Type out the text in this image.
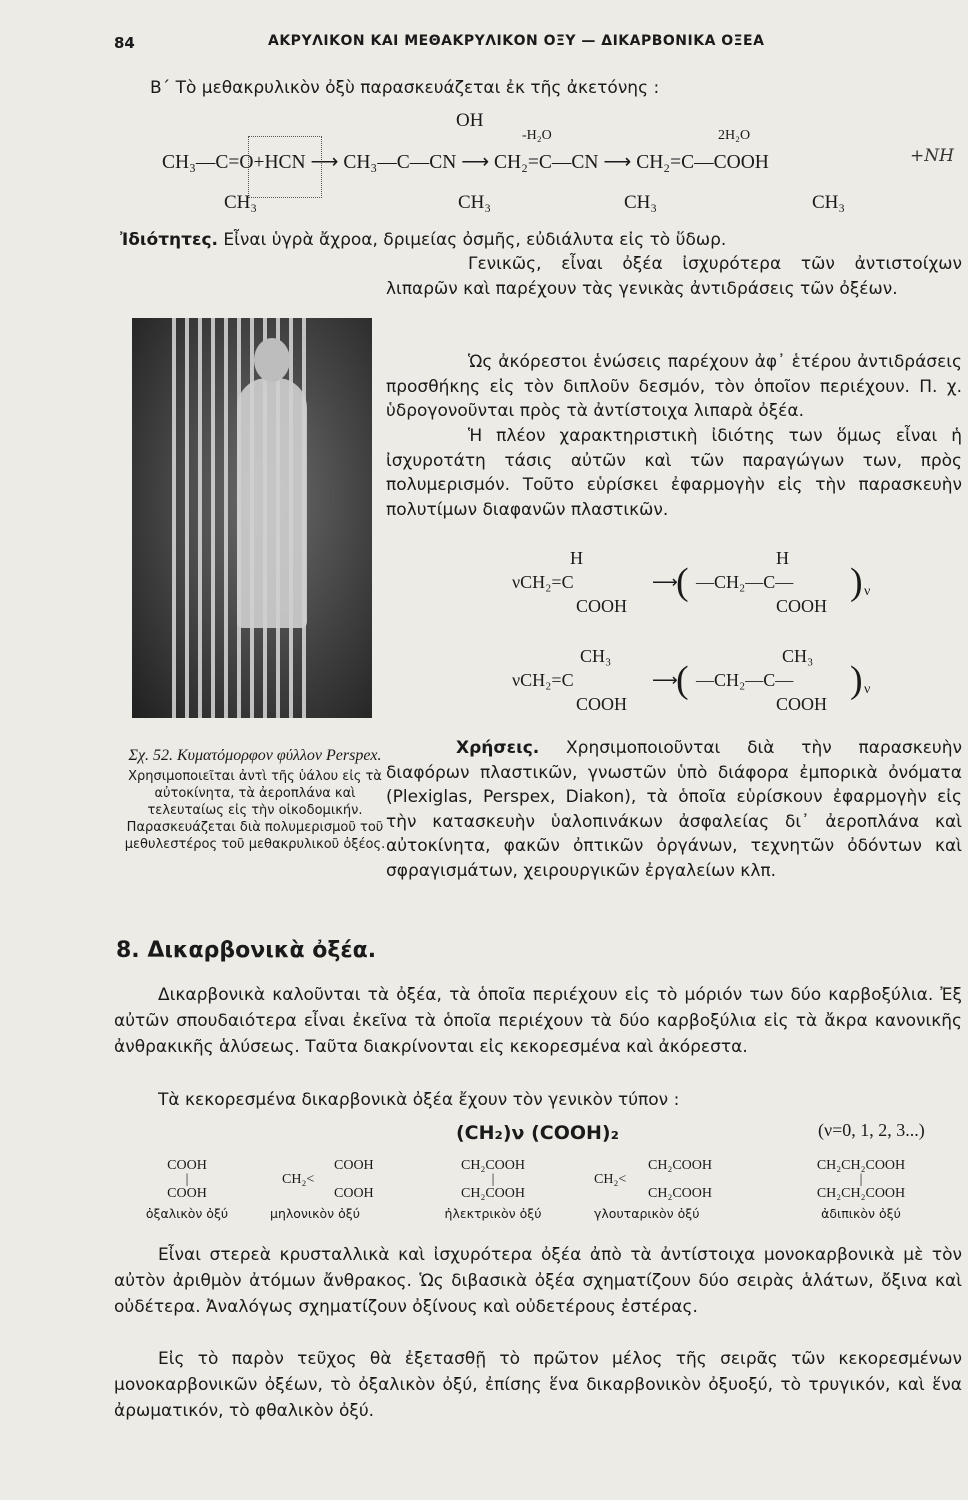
84	ΑΚΡΥΛΙΚΟΝ ΚΑΙ ΜΕΘΑΚΡΥΛΙΚΟΝ ΟΞΥ — ΔΙΚΑΡΒΟΝΙΚΑ ΟΞΕΑ
Β΄ Τὸ μεθακρυλικὸν ὀξὺ παρασκευάζεται ἐκ τῆς ἀκετόνης :
OH
-H₂O	2H₂O
CH₃—C=O+HCN ⟶ CH₃—C—CN ⟶ CH₂=C—CN ⟶ CH₂=C—COOH	+NH
CH₃	CH₃	CH₃	CH₃
Ἰδιότητες. Εἶναι ὑγρὰ ἄχροα, δριμείας ὀσμῆς, εὐδιάλυτα εἰς τὸ ὕδωρ.
Γενικῶς, εἶναι ὀξέα ἰσχυρότερα τῶν ἀντιστοίχων λιπαρῶν καὶ παρέχουν τὰς γενικὰς ἀντιδράσεις τῶν ὀξέων.
Ὡς ἀκόρεστοι ἑνώσεις παρέχουν ἀφ᾽ ἑτέρου ἀντιδράσεις προσθήκης εἰς τὸν διπλοῦν δεσμόν, τὸν ὁποῖον περιέχουν. Π. χ. ὑδρογονοῦνται πρὸς τὰ ἀντίστοιχα λιπαρὰ ὀξέα.
Ἡ πλέον χαρακτηριστικὴ ἰδιότης των ὅμως εἶναι ἡ ἰσχυροτάτη τάσις αὐτῶν καὶ τῶν παραγώγων των, πρὸς πολυμερισμόν. Τοῦτο εὑρίσκει ἐφαρμογὴν εἰς τὴν παρασκευὴν πολυτίμων διαφανῶν πλαστικῶν.
Σχ. 52. Κυματόμορφον φύλλον Perspex.
Χρησιμοποιεῖται ἀντὶ τῆς ὑάλου εἰς τὰ αὐτοκίνητα, τὰ ἀεροπλάνα καὶ τελευταίως εἰς τὴν οἰκοδομικήν. Παρασκευάζεται διὰ πολυμερισμοῦ τοῦ μεθυλεστέρος τοῦ μεθακρυλικοῦ ὀξέος.
H	H
νCH₂=C	⟶
( —CH₂—C— ) ν
COOH	COOH
CH₃	CH₃
νCH₂=C	⟶
( —CH₂—C— ) ν
COOH	COOH
Χρήσεις. Χρησιμοποιοῦνται διὰ τὴν παρασκευὴν διαφόρων πλαστικῶν, γνωστῶν ὑπὸ διάφορα ἐμπορικὰ ὀνόματα (Plexiglas, Perspex, Diakon), τὰ ὁποῖα εὑρίσκουν ἐφαρμογὴν εἰς τὴν κατασκευὴν ὑαλοπινάκων ἀσφαλείας δι᾽ ἀεροπλάνα καὶ αὐτοκίνητα, φακῶν ὀπτικῶν ὀργάνων, τεχνητῶν ὀδόντων καὶ σφραγισμάτων, χειρουργικῶν ἐργαλείων κλπ.
8. Δικαρβονικὰ ὀξέα.
Δικαρβονικὰ καλοῦνται τὰ ὀξέα, τὰ ὁποῖα περιέχουν εἰς τὸ μόριόν των δύο καρβοξύλια. Ἐξ αὐτῶν σπουδαιότερα εἶναι ἐκεῖνα τὰ ὁποῖα περιέχουν τὰ δύο καρβοξύλια εἰς τὰ ἄκρα κανονικῆς ἀνθρακικῆς ἁλύσεως. Ταῦτα διακρίνονται εἰς κεκορεσμένα καὶ ἀκόρεστα.
Τὰ κεκορεσμένα δικαρβονικὰ ὀξέα ἔχουν τὸν γενικὸν τύπον :
(CH₂)ν (COOH)₂	(ν=0, 1, 2, 3...)
COOH
|
COOH
ὀξαλικὸν ὀξύ
COOH
CH₂<
COOH
μηλονικὸν ὀξύ
CH₂COOH
|
CH₂COOH
ἠλεκτρικὸν ὀξύ
CH₂COOH
CH₂<
CH₂COOH
γλουταρικὸν ὀξύ
CH₂CH₂COOH
|
CH₂CH₂COOH
ἀδιπικὸν ὀξύ
Εἶναι στερεὰ κρυσταλλικὰ καὶ ἰσχυρότερα ὀξέα ἀπὸ τὰ ἀντίστοιχα μονοκαρβονικὰ μὲ τὸν αὐτὸν ἀριθμὸν ἀτόμων ἄνθρακος. Ὡς διβασικὰ ὀξέα σχηματίζουν δύο σειρὰς ἁλάτων, ὄξινα καὶ οὐδέτερα. Ἀναλόγως σχηματίζουν ὀξίνους καὶ οὐδετέρους ἐστέρας.
Εἰς τὸ παρὸν τεῦχος θὰ ἐξετασθῇ τὸ πρῶτον μέλος τῆς σειρᾶς τῶν κεκορεσμένων μονοκαρβονικῶν ὀξέων, τὸ ὀξαλικὸν ὀξύ, ἐπίσης ἕνα δικαρβονικὸν ὀξυοξύ, τὸ τρυγικόν, καὶ ἕνα ἀρωματικόν, τὸ φθαλικὸν ὀξύ.
